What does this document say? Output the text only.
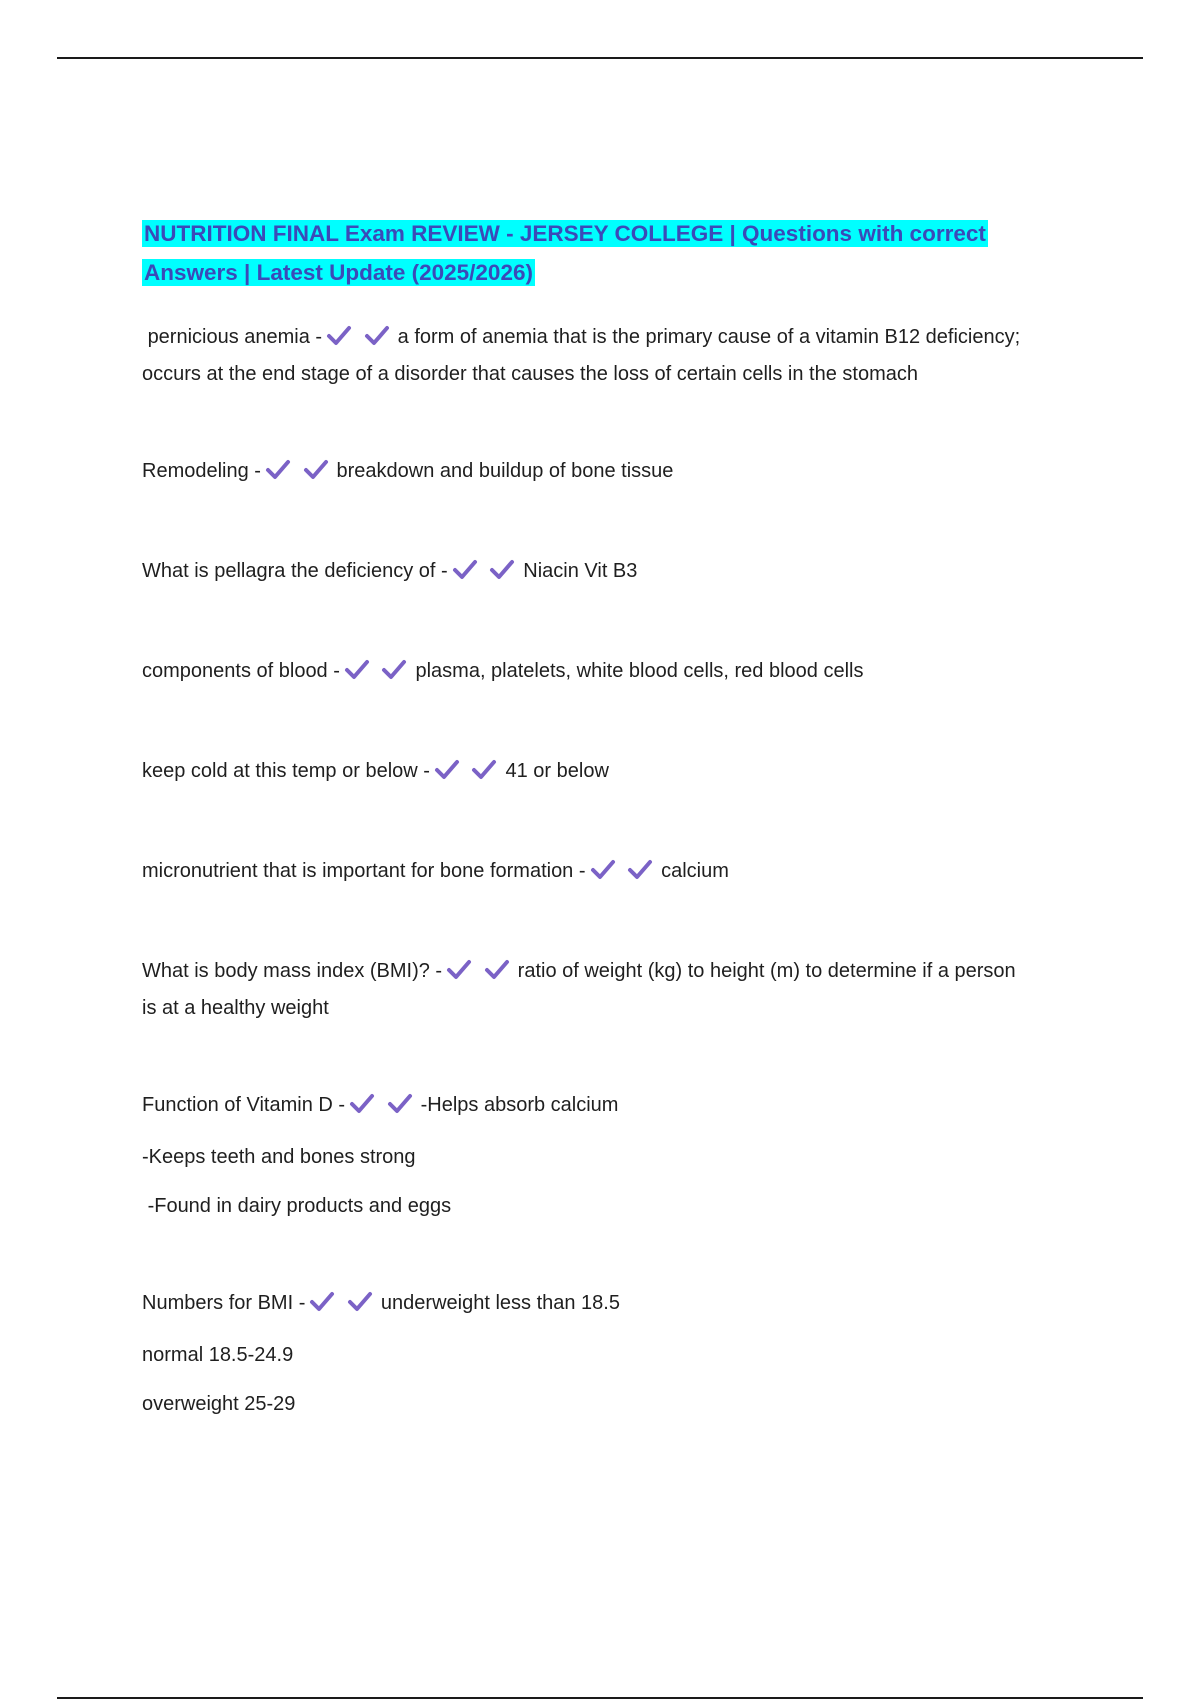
NUTRITION FINAL Exam REVIEW - JERSEY COLLEGE | Questions with correct Answers | Latest Update (2025/2026)

pernicious anemia -
	a form of anemia that is the primary cause of a vitamin B12 deficiency; occurs at the end stage of a disorder that causes the loss of certain cells in the stomach

Remodeling -
	breakdown and buildup of bone tissue

What is pellagra the deficiency of -
	Niacin Vit B3

components of blood -
	plasma, platelets, white blood cells, red blood cells

keep cold at this temp or below -
	41 or below

micronutrient that is important for bone formation -
	calcium

What is body mass index (BMI)? -
	ratio of weight (kg) to height (m) to determine if a person is at a healthy weight

Function of Vitamin D -
	-Helps absorb calcium

-Keeps teeth and bones strong

-Found in dairy products and eggs

Numbers for BMI -
	underweight less than 18.5

normal 18.5-24.9

overweight 25-29
